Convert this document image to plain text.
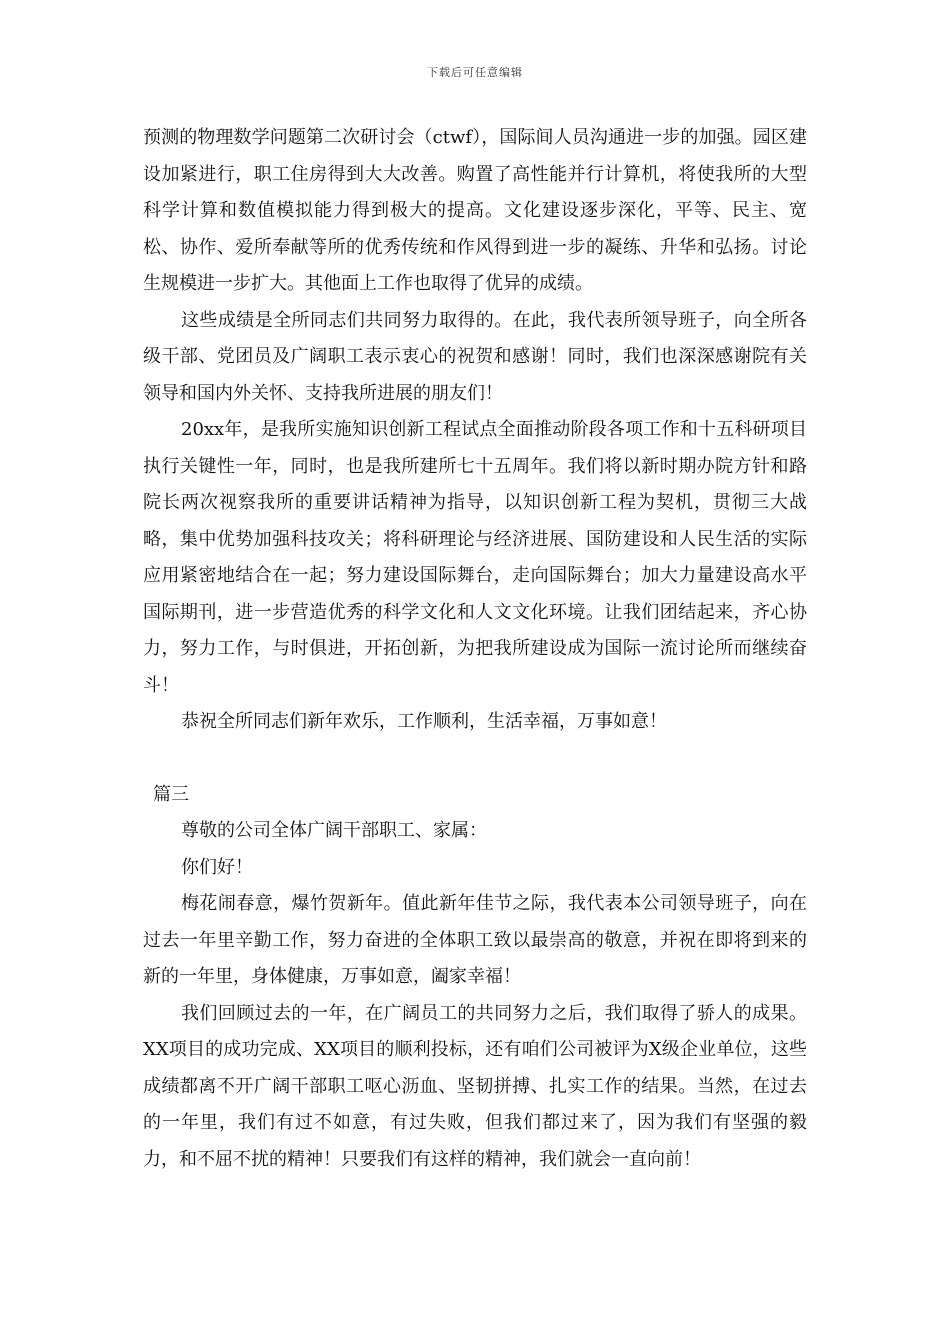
下载后可任意编辑

预测的物理数学问题第二次研讨会（ctwf），国际间人员沟通进一步的加强。园区建设加紧进行，职工住房得到大大改善。购置了高性能并行计算机，将使我所的大型科学计算和数值模拟能力得到极大的提高。文化建设逐步深化，平等、民主、宽松、协作、爱所奉献等所的优秀传统和作风得到进一步的凝练、升华和弘扬。讨论生规模进一步扩大。其他面上工作也取得了优异的成绩。

这些成绩是全所同志们共同努力取得的。在此，我代表所领导班子，向全所各级干部、党团员及广阔职工表示衷心的祝贺和感谢！同时，我们也深深感谢院有关领导和国内外关怀、支持我所进展的朋友们！

20xx年，是我所实施知识创新工程试点全面推动阶段各项工作和十五科研项目执行关键性一年，同时，也是我所建所七十五周年。我们将以新时期办院方针和路院长两次视察我所的重要讲话精神为指导，以知识创新工程为契机，贯彻三大战略，集中优势加强科技攻关；将科研理论与经济进展、国防建设和人民生活的实际应用紧密地结合在一起；努力建设国际舞台，走向国际舞台；加大力量建设高水平国际期刊，进一步营造优秀的科学文化和人文文化环境。让我们团结起来，齐心协力，努力工作，与时俱进，开拓创新，为把我所建设成为国际一流讨论所而继续奋斗！

恭祝全所同志们新年欢乐，工作顺利，生活幸福，万事如意！

篇三

尊敬的公司全体广阔干部职工、家属：

你们好！

梅花闹春意，爆竹贺新年。值此新年佳节之际，我代表本公司领导班子，向在过去一年里辛勤工作，努力奋进的全体职工致以最崇高的敬意，并祝在即将到来的新的一年里，身体健康，万事如意，阖家幸福！

我们回顾过去的一年，在广阔员工的共同努力之后，我们取得了骄人的成果。XX项目的成功完成、XX项目的顺利投标，还有咱们公司被评为X级企业单位，这些成绩都离不开广阔干部职工呕心沥血、坚韧拼搏、扎实工作的结果。当然，在过去的一年里，我们有过不如意，有过失败，但我们都过来了，因为我们有坚强的毅力，和不屈不扰的精神！只要我们有这样的精神，我们就会一直向前！
